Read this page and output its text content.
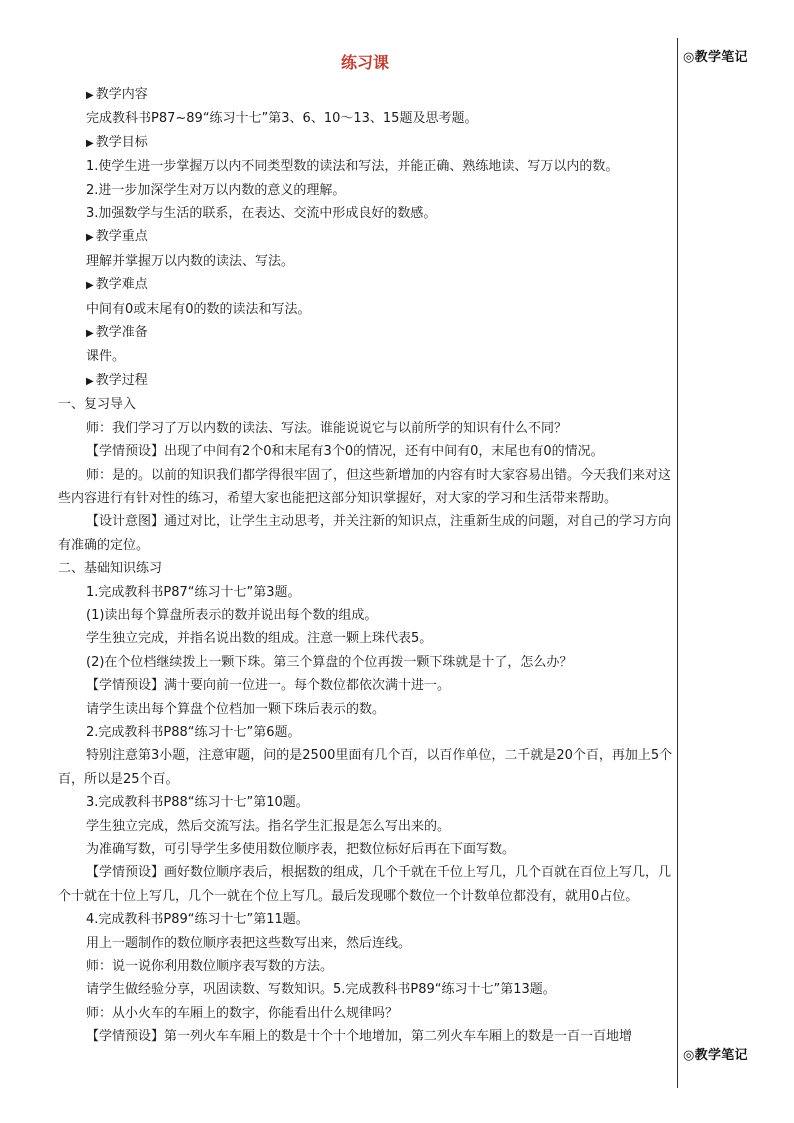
◎教学笔记
◎教学笔记
练习课

▶ 教学内容

完成教科书P87~89“练习十七”第3、6、10～13、15题及思考题。

▶ 教学目标

1.使学生进一步掌握万以内不同类型数的读法和写法，并能正确、熟练地读、写万以内的数。

2.进一步加深学生对万以内数的意义的理解。

3.加强数学与生活的联系，在表达、交流中形成良好的数感。

▶ 教学重点

理解并掌握万以内数的读法、写法。

▶ 教学难点

中间有0或末尾有0的数的读法和写法。

▶ 教学准备

课件。

▶ 教学过程

一、复习导入

师：我们学习了万以内数的读法、写法。谁能说说它与以前所学的知识有什么不同？

【学情预设】出现了中间有2个0和末尾有3个0的情况，还有中间有0，末尾也有0的情况。

师：是的。以前的知识我们都学得很牢固了，但这些新增加的内容有时大家容易出错。今天我们来对这些内容进行有针对性的练习，希望大家也能把这部分知识掌握好，对大家的学习和生活带来帮助。

【设计意图】通过对比，让学生主动思考，并关注新的知识点，注重新生成的问题，对自己的学习方向有准确的定位。

二、基础知识练习

1.完成教科书P87“练习十七”第3题。

(1)读出每个算盘所表示的数并说出每个数的组成。

学生独立完成，并指名说出数的组成。注意一颗上珠代表5。

(2)在个位档继续拨上一颗下珠。第三个算盘的个位再拨一颗下珠就是十了，怎么办？

【学情预设】满十要向前一位进一。每个数位都依次满十进一。

请学生读出每个算盘个位档加一颗下珠后表示的数。

2.完成教科书P88“练习十七”第6题。

特别注意第3小题，注意审题，问的是2500里面有几个百，以百作单位，二千就是20个百，再加上5个百，所以是25个百。

3.完成教科书P88“练习十七”第10题。

学生独立完成，然后交流写法。指名学生汇报是怎么写出来的。

为准确写数，可引导学生多使用数位顺序表，把数位标好后再在下面写数。

【学情预设】画好数位顺序表后，根据数的组成，几个千就在千位上写几，几个百就在百位上写几，几个十就在十位上写几，几个一就在个位上写几。最后发现哪个数位一个计数单位都没有，就用0占位。

4.完成教科书P89“练习十七”第11题。

用上一题制作的数位顺序表把这些数写出来，然后连线。

师：说一说你利用数位顺序表写数的方法。

请学生做经验分享，巩固读数、写数知识。5.完成教科书P89“练习十七”第13题。

师：从小火车的车厢上的数字，你能看出什么规律吗？

【学情预设】第一列火车车厢上的数是十个十个地增加，第二列火车车厢上的数是一百一百地增
